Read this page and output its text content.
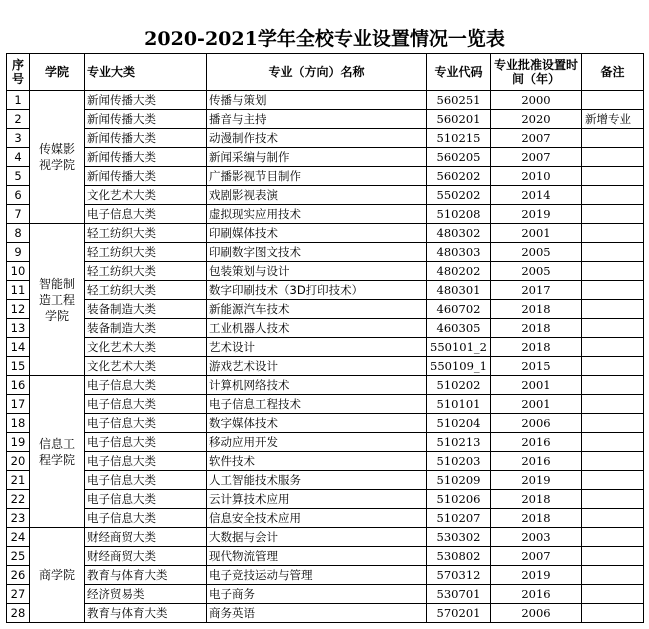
2020-2021学年全校专业设置情况一览表
序号	学院	专业大类	专业（方向）名称	专业代码	专业批准设置时间（年）	备注
1	传媒影视学院	新闻传播大类	传播与策划	560251	2000	
2		新闻传播大类	播音与主持	560201	2020	新增专业
3		新闻传播大类	动漫制作技术	510215	2007	
4		新闻传播大类	新闻采编与制作	560205	2007	
5		新闻传播大类	广播影视节目制作	560202	2010	
6		文化艺术大类	戏剧影视表演	550202	2014	
7		电子信息大类	虚拟现实应用技术	510208	2019	
8	智能制造工程学院	轻工纺织大类	印刷媒体技术	480302	2001	
9		轻工纺织大类	印刷数字图文技术	480303	2005	
10		轻工纺织大类	包装策划与设计	480202	2005	
11		轻工纺织大类	数字印刷技术（3D打印技术）	480301	2017	
12		装备制造大类	新能源汽车技术	460702	2018	
13		装备制造大类	工业机器人技术	460305	2018	
14		文化艺术大类	艺术设计	550101_2	2018	
15		文化艺术大类	游戏艺术设计	550109_1	2015	
16	信息工程学院	电子信息大类	计算机网络技术	510202	2001	
17		电子信息大类	电子信息工程技术	510101	2001	
18		电子信息大类	数字媒体技术	510204	2006	
19		电子信息大类	移动应用开发	510213	2016	
20		电子信息大类	软件技术	510203	2016	
21		电子信息大类	人工智能技术服务	510209	2019	
22		电子信息大类	云计算技术应用	510206	2018	
23		电子信息大类	信息安全技术应用	510207	2018	
24	商学院	财经商贸大类	大数据与会计	530302	2003	
25		财经商贸大类	现代物流管理	530802	2007	
26		教育与体育大类	电子竞技运动与管理	570312	2019	
27		经济贸易类	电子商务	530701	2016	
28		教育与体育大类	商务英语	570201	2006	
